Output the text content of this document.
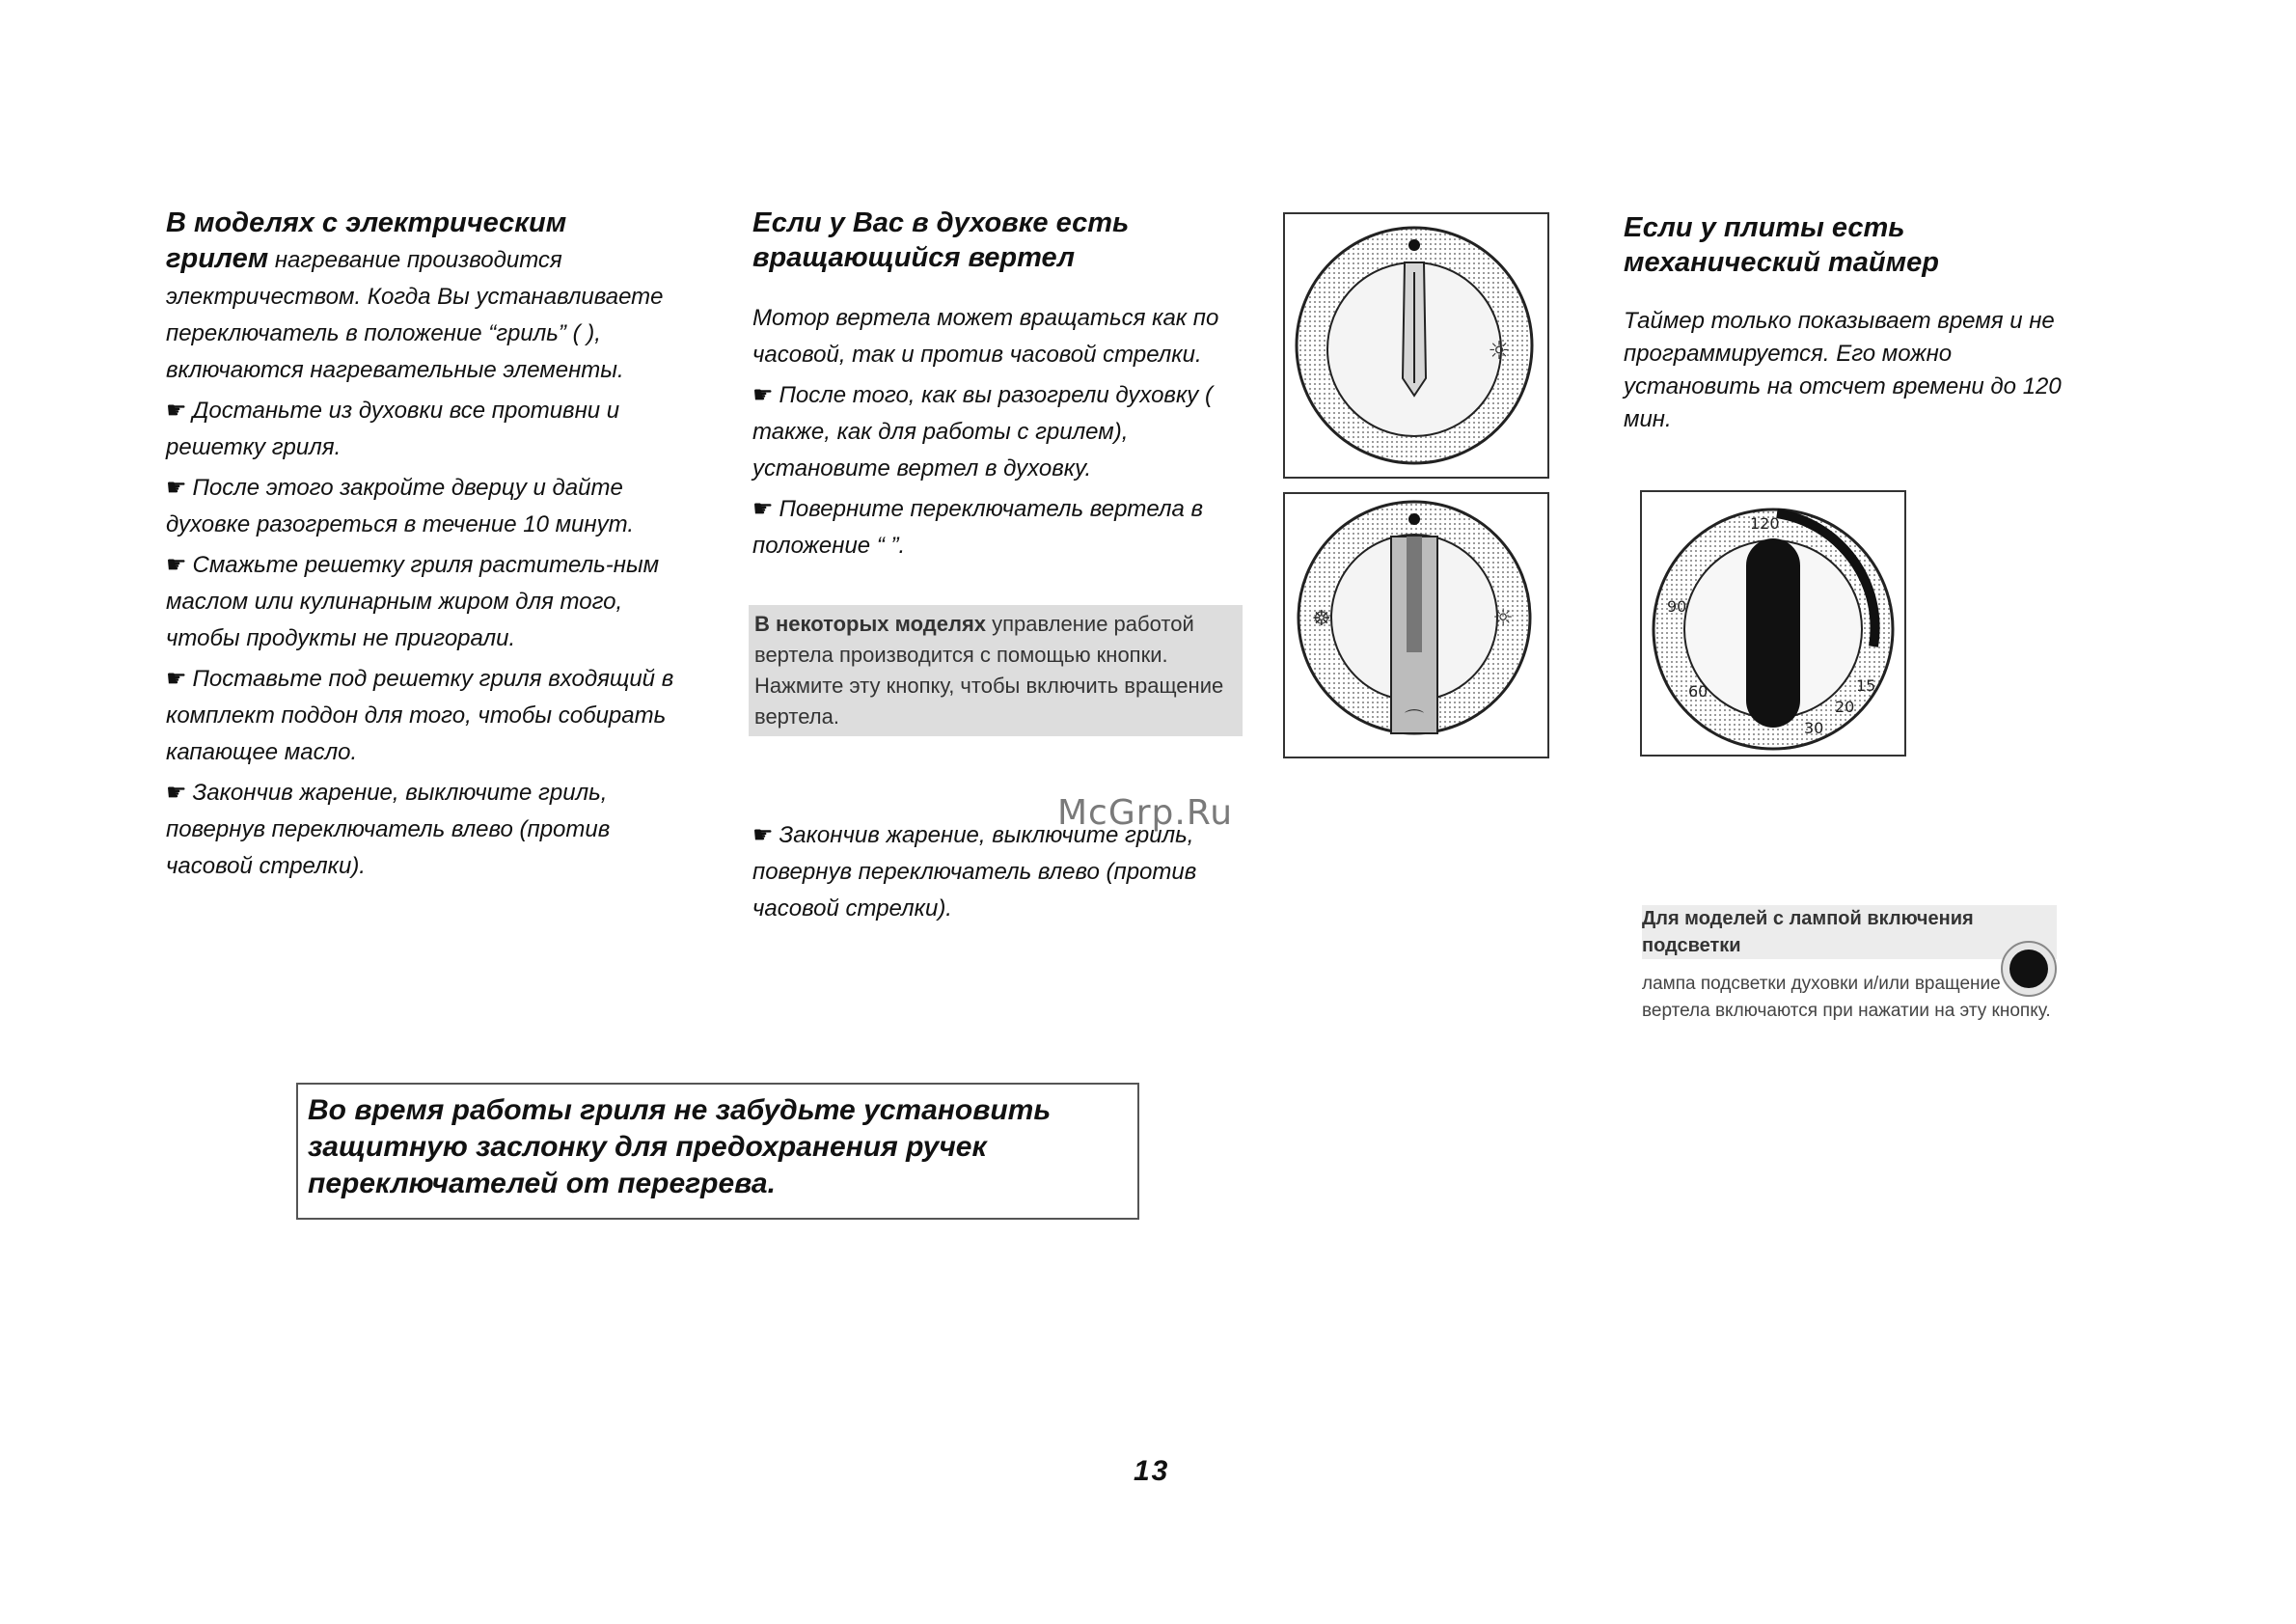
В моделях с электрическим

грилем нагревание производится электричеством. Когда Вы устанавливаете переключатель в положение “гриль” ( ), включаются нагревательные элементы.

☛ Достаньте из духовки все противни и решетку гриля.

☛ После этого закройте дверцу и дайте духовке разогреться в течение 10 минут.

☛ Смажьте решетку гриля раститель-ным маслом или кулинарным жиром для того, чтобы продукты не пригорали.

☛ Поставьте под решетку гриля входящий в комплект поддон для того, чтобы собирать капающее масло.

☛ Закончив жарение, выключите гриль, повернув переключатель влево (против часовой стрелки).

Если у Вас в духовке есть вращающийся вертел

Мотор вертела может вращаться как по часовой, так и против часовой стрелки.

☛ После того, как вы разогрели духовку ( также, как для работы с грилем), установите вертел в духовку.

☛ Поверните переключатель вертела в положение “ ”.

В некоторых моделях управление работой вертела производится с помощью кнопки. Нажмите эту кнопку, чтобы включить вращение вертела.

☛ Закончив жарение, выключите гриль, повернув переключатель влево (против часовой стрелки).

McGrp.Ru
☼
☸	☼
⌒
120
90
60
30
20
15

Если у плиты есть механический таймер

Таймер только показывает время и не программируется. Его можно установить на отсчет времени до 120 мин.

Для моделей с лампой включения подсветки

лампа подсветки духовки и/или вращение вертела включаются при нажатии на эту кнопку.

Во время работы гриля не забудьте установить

защитную заслонку для предохранения ручек

переключателей от перегрева.

13
